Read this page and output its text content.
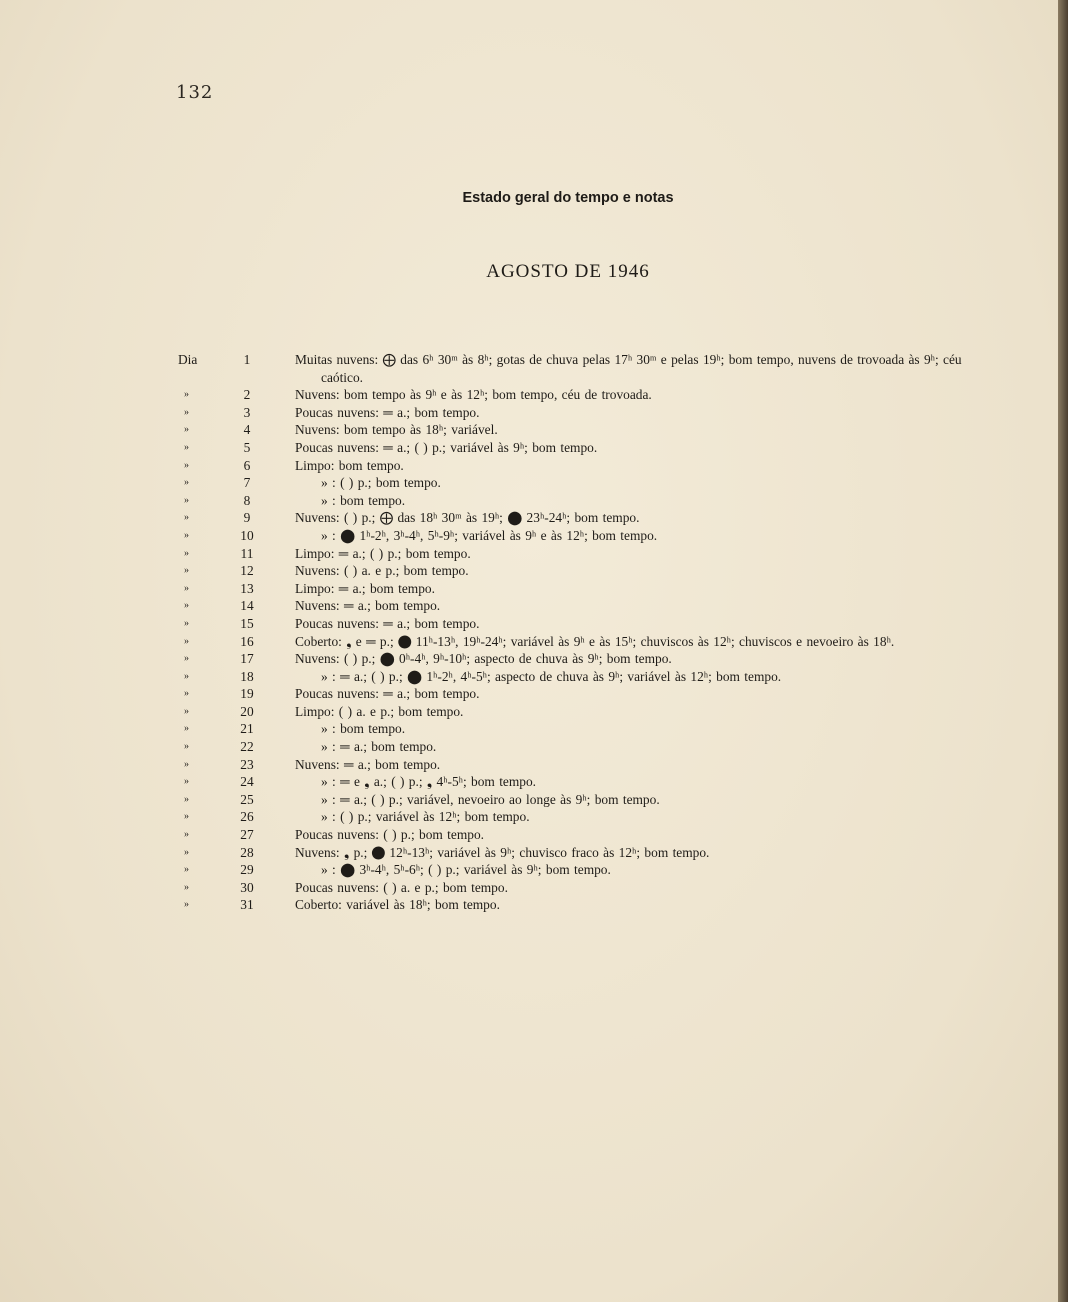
132
Estado geral do tempo e notas
AGOSTO DE 1946
Dia	1	Muitas nuvens: ⨁ das 6ʰ 30ᵐ às 8ʰ; gotas de chuva pelas 17ʰ 30ᵐ e pelas 19ʰ; bom tempo, nuvens de trovoada às 9ʰ; céu caótico.
»	2	Nuvens: bom tempo às 9ʰ e às 12ʰ; bom tempo, céu de trovoada.
»	3	Poucas nuvens: ═ a.; bom tempo.
»	4	Nuvens: bom tempo às 18ʰ; variável.
»	5	Poucas nuvens: ═ a.; ( ) p.; variável às 9ʰ; bom tempo.
»	6	Limpo: bom tempo.
»	7	» : ( ) p.; bom tempo.
»	8	» : bom tempo.
»	9	Nuvens: ( ) p.; ⨁ das 18ʰ 30ᵐ às 19ʰ; ⬤ 23ʰ-24ʰ; bom tempo.
»	10	» : ⬤ 1ʰ-2ʰ, 3ʰ-4ʰ, 5ʰ-9ʰ; variável às 9ʰ e às 12ʰ; bom tempo.
»	11	Limpo: ═ a.; ( ) p.; bom tempo.
»	12	Nuvens: ( ) a. e p.; bom tempo.
»	13	Limpo: ═ a.; bom tempo.
»	14	Nuvens: ═ a.; bom tempo.
»	15	Poucas nuvens: ═ a.; bom tempo.
»	16	Coberto: ❟ e ═ p.; ⬤ 11ʰ-13ʰ, 19ʰ-24ʰ; variável às 9ʰ e às 15ʰ; chuviscos às 12ʰ; chuviscos e nevoeiro às 18ʰ.
»	17	Nuvens: ( ) p.; ⬤ 0ʰ-4ʰ, 9ʰ-10ʰ; aspecto de chuva às 9ʰ; bom tempo.
»	18	» : ═ a.; ( ) p.; ⬤ 1ʰ-2ʰ, 4ʰ-5ʰ; aspecto de chuva às 9ʰ; variável às 12ʰ; bom tempo.
»	19	Poucas nuvens: ═ a.; bom tempo.
»	20	Limpo: ( ) a. e p.; bom tempo.
»	21	» : bom tempo.
»	22	» : ═ a.; bom tempo.
»	23	Nuvens: ═ a.; bom tempo.
»	24	» : ═ e ❟ a.; ( ) p.; ❟ 4ʰ-5ʰ; bom tempo.
»	25	» : ═ a.; ( ) p.; variável, nevoeiro ao longe às 9ʰ; bom tempo.
»	26	» : ( ) p.; variável às 12ʰ; bom tempo.
»	27	Poucas nuvens: ( ) p.; bom tempo.
»	28	Nuvens: ❟ p.; ⬤ 12ʰ-13ʰ; variável às 9ʰ; chuvisco fraco às 12ʰ; bom tempo.
»	29	» : ⬤ 3ʰ-4ʰ, 5ʰ-6ʰ; ( ) p.; variável às 9ʰ; bom tempo.
»	30	Poucas nuvens: ( ) a. e p.; bom tempo.
»	31	Coberto: variável às 18ʰ; bom tempo.
